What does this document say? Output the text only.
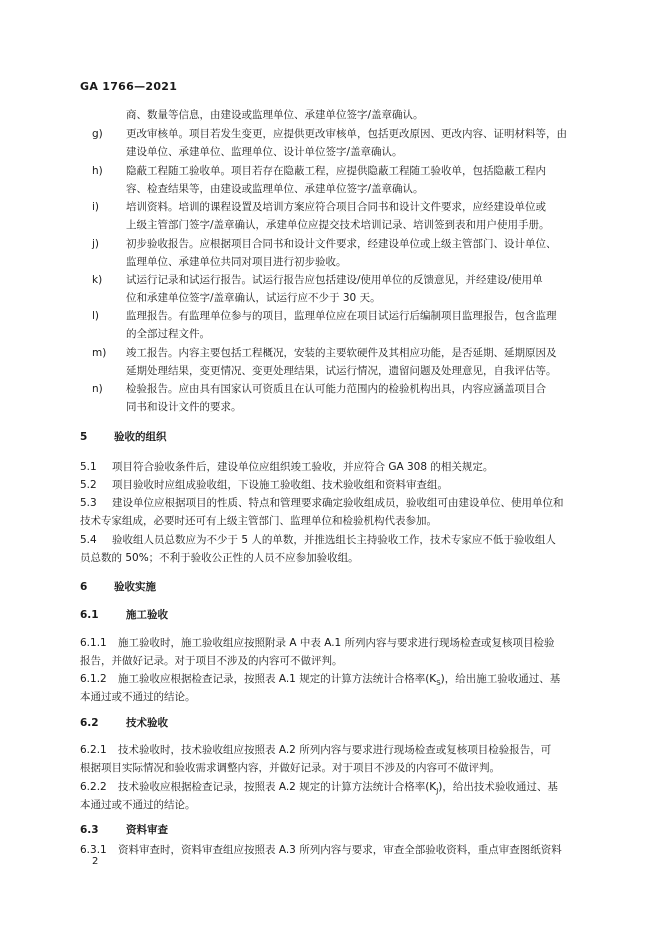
GA 1766—2021
商、数量等信息，由建设或监理单位、承建单位签字/盖章确认。
g) 更改审核单。项目若发生变更，应提供更改审核单，包括更改原因、更改内容、证明材料等，由
建设单位、承建单位、监理单位、设计单位签字/盖章确认。
h) 隐蔽工程随工验收单。项目若存在隐蔽工程，应提供隐蔽工程随工验收单，包括隐蔽工程内
容、检查结果等，由建设或监理单位、承建单位签字/盖章确认。
i)	培训资料。培训的课程设置及培训方案应符合项目合同书和设计文件要求，应经建设单位或
上级主管部门签字/盖章确认，承建单位应提交技术培训记录、培训签到表和用户使用手册。
j)	初步验收报告。应根据项目合同书和设计文件要求，经建设单位或上级主管部门、设计单位、
监理单位、承建单位共同对项目进行初步验收。
k) 试运行记录和试运行报告。试运行报告应包括建设/使用单位的反馈意见，并经建设/使用单
位和承建单位签字/盖章确认，试运行应不少于 30 天。
l)	监理报告。有监理单位参与的项目，监理单位应在项目试运行后编制项目监理报告，包含监理
的全部过程文件。
m) 竣工报告。内容主要包括工程概况，安装的主要软硬件及其相应功能，是否延期、延期原因及
延期处理结果，变更情况、变更处理结果，试运行情况，遗留问题及处理意见，自我评估等。
n) 检验报告。应由具有国家认可资质且在认可能力范围内的检验机构出具，内容应涵盖项目合
同书和设计文件的要求。
5	验收的组织
5.1 项目符合验收条件后，建设单位应组织竣工验收，并应符合 GA 308 的相关规定。
5.2 项目验收时应组成验收组，下设施工验收组、技术验收组和资料审查组。
5.3 建设单位应根据项目的性质、特点和管理要求确定验收组成员，验收组可由建设单位、使用单位和
技术专家组成，必要时还可有上级主管部门、监理单位和检验机构代表参加。
5.4 验收组人员总数应为不少于 5 人的单数，并推选组长主持验收工作，技术专家应不低于验收组人
员总数的 50%；不利于验收公正性的人员不应参加验收组。
6	验收实施
6.1	施工验收
6.1.1 施工验收时，施工验收组应按照附录 A 中表 A.1 所列内容与要求进行现场检查或复核项目检验
报告，并做好记录。对于项目不涉及的内容可不做评判。
6.1.2 施工验收应根据检查记录，按照表 A.1 规定的计算方法统计合格率$(K_S)$，给出施工验收通过、基
本通过或不通过的结论。
6.2	技术验收
6.2.1 技术验收时，技术验收组应按照表 A.2 所列内容与要求进行现场检查或复核项目检验报告，可
根据项目实际情况和验收需求调整内容，并做好记录。对于项目不涉及的内容可不做评判。
6.2.2 技术验收应根据检查记录，按照表 A.2 规定的计算方法统计合格率$(K_J)$，给出技术验收通过、基
本通过或不通过的结论。
6.3	资料审查
6.3.1 资料审查时，资料审查组应按照表 A.3 所列内容与要求，审查全部验收资料，重点审查图纸资料
2
